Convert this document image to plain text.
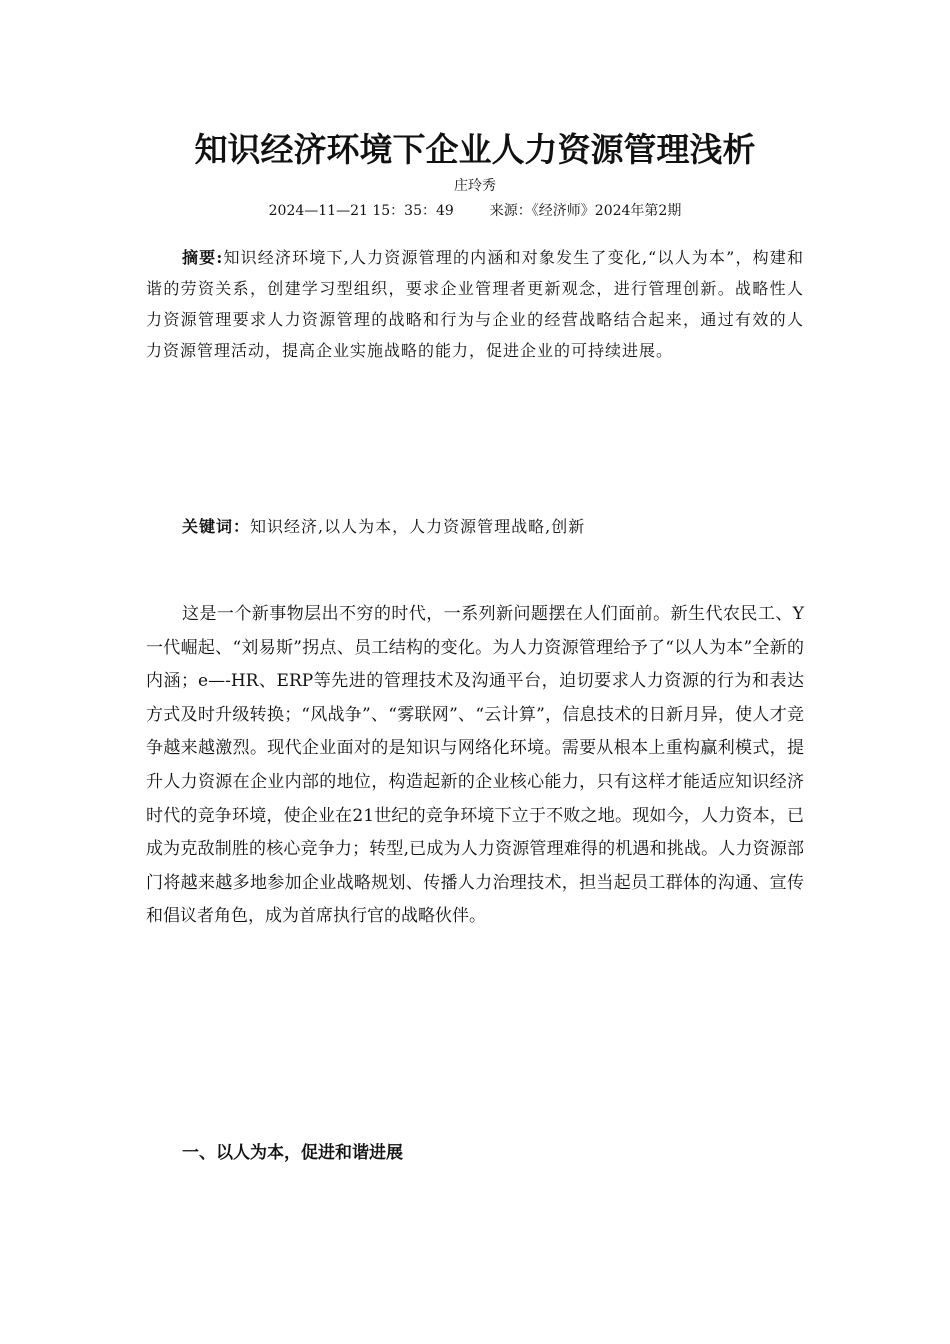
知识经济环境下企业人力资源管理浅析
庄玲秀
2024—11—21 15：35：49	来源：《经济师》2024年第2期
摘要:知识经济环境下,人力资源管理的内涵和对象发生了变化,“以人为本”，构建和谐的劳资关系，创建学习型组织，要求企业管理者更新观念，进行管理创新。战略性人力资源管理要求人力资源管理的战略和行为与企业的经营战略结合起来，通过有效的人力资源管理活动，提高企业实施战略的能力，促进企业的可持续进展。
关键词：知识经济,以人为本，人力资源管理战略,创新
这是一个新事物层出不穷的时代，一系列新问题摆在人们面前。新生代农民工、Y一代崛起、“刘易斯”拐点、员工结构的变化。为人力资源管理给予了“以人为本”全新的内涵；e—-HR、ERP等先进的管理技术及沟通平台，迫切要求人力资源的行为和表达方式及时升级转换；“风战争”、“雾联网”、“云计算”，信息技术的日新月异，使人才竞争越来越激烈。现代企业面对的是知识与网络化环境。需要从根本上重构赢利模式，提升人力资源在企业内部的地位，构造起新的企业核心能力，只有这样才能适应知识经济时代的竞争环境，使企业在21世纪的竞争环境下立于不败之地。现如今，人力资本，已成为克敌制胜的核心竞争力；转型,已成为人力资源管理难得的机遇和挑战。人力资源部门将越来越多地参加企业战略规划、传播人力治理技术，担当起员工群体的沟通、宣传和倡议者角色，成为首席执行官的战略伙伴。
一、以人为本，促进和谐进展
